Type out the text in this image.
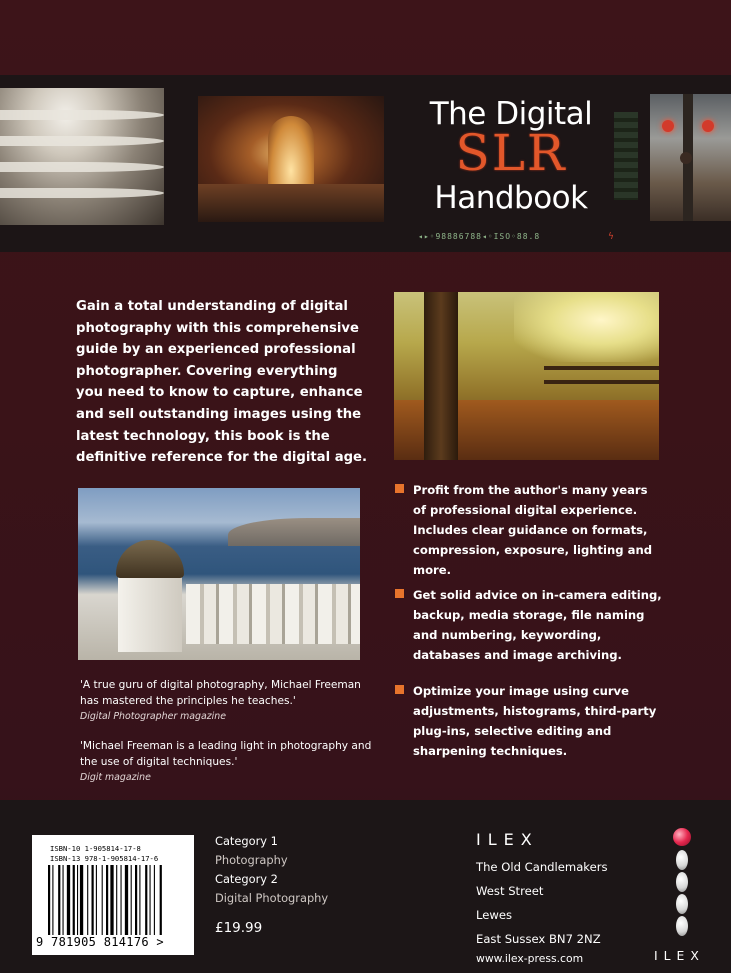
The Digital
SLR
Handbook
◂▸◦98886788◂◦ISO◦88.8	ϟ
Gain a total understanding of digital photography with this comprehensive guide by an experienced professional photographer. Covering everything you need to know to capture, enhance and sell outstanding images using the latest technology, this book is the definitive reference for the digital age.
Profit from the author's many years of professional digital experience. Includes clear guidance on formats, compression, exposure, lighting and more.
Get solid advice on in-camera editing, backup, media storage, file naming and numbering, keywording, databases and image archiving.
Optimize your image using curve adjustments, histograms, third-party plug-ins, selective editing and sharpening techniques.
'A true guru of digital photography, Michael Freeman has mastered the principles he teaches.'
Digital Photographer magazine
'Michael Freeman is a leading light in photography and the use of digital techniques.'
Digit magazine
ISBN-10 1-905814-17-8
ISBN-13 978-1-905814-17-6
9 781905 814176 >
Category 1
Photography
Category 2
Digital Photography
£19.99
ILEX
The Old Candlemakers
West Street
Lewes
East Sussex BN7 2NZ
www.ilex-press.com	ILEX
